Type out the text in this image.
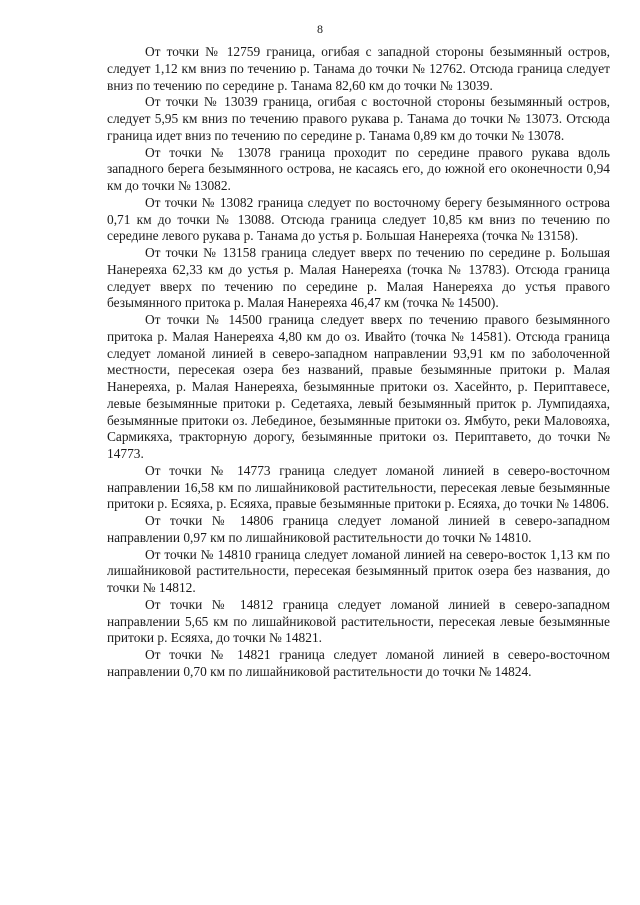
8

От точки № 12759 граница, огибая с западной стороны безымянный остров, следует 1,12 км вниз по течению р. Танама до точки № 12762. Отсюда граница следует вниз по течению по середине р. Танама 82,60 км до точки № 13039.

От точки № 13039 граница, огибая с восточной стороны безымянный остров, следует 5,95 км вниз по течению правого рукава р. Танама до точки № 13073. Отсюда граница идет вниз по течению по середине р. Танама 0,89 км до точки № 13078.

От точки № 13078 граница проходит по середине правого рукава вдоль западного берега безымянного острова, не касаясь его, до южной его оконечности 0,94 км до точки № 13082.

От точки № 13082 граница следует по восточному берегу безымянного острова 0,71 км до точки № 13088. Отсюда граница следует 10,85 км вниз по течению по середине левого рукава р. Танама до устья р. Большая Нанереяха (точка № 13158).

От точки № 13158 граница следует вверх по течению по середине р. Большая Нанереяха 62,33 км до устья р. Малая Нанереяха (точка № 13783). Отсюда граница следует вверх по течению по середине р. Малая Нанереяха до устья правого безымянного притока р. Малая Нанереяха 46,47 км (точка № 14500).

От точки № 14500 граница следует вверх по течению правого безымянного притока р. Малая Нанереяха 4,80 км до оз. Ивайто (точка № 14581). Отсюда граница следует ломаной линией в северо-западном направлении 93,91 км по заболоченной местности, пересекая озера без названий, правые безымянные притоки р. Малая Нанереяха, р. Малая Нанереяха, безымянные притоки оз. Хасейнто, р. Периптавесе, левые безымянные притоки р. Седетаяха, левый безымянный приток р. Лумпидаяха, безымянные притоки оз. Лебединое, безымянные притоки оз. Ямбуто, реки Маловояха, Сармикяха, тракторную дорогу, безымянные притоки оз. Периптавето, до точки № 14773.

От точки № 14773 граница следует ломаной линией в северо-восточном направлении 16,58 км по лишайниковой растительности, пересекая левые безымянные притоки р. Есяяха, р. Есяяха, правые безымянные притоки р. Есяяха, до точки № 14806.

От точки № 14806 граница следует ломаной линией в северо-западном направлении 0,97 км по лишайниковой растительности до точки № 14810.

От точки № 14810 граница следует ломаной линией на северо-восток 1,13 км по лишайниковой растительности, пересекая безымянный приток озера без названия, до точки № 14812.

От точки № 14812 граница следует ломаной линией в северо-западном направлении 5,65 км по лишайниковой растительности, пересекая левые безымянные притоки р. Есяяха, до точки № 14821.

От точки № 14821 граница следует ломаной линией в северо-восточном направлении 0,70 км по лишайниковой растительности до точки № 14824.
